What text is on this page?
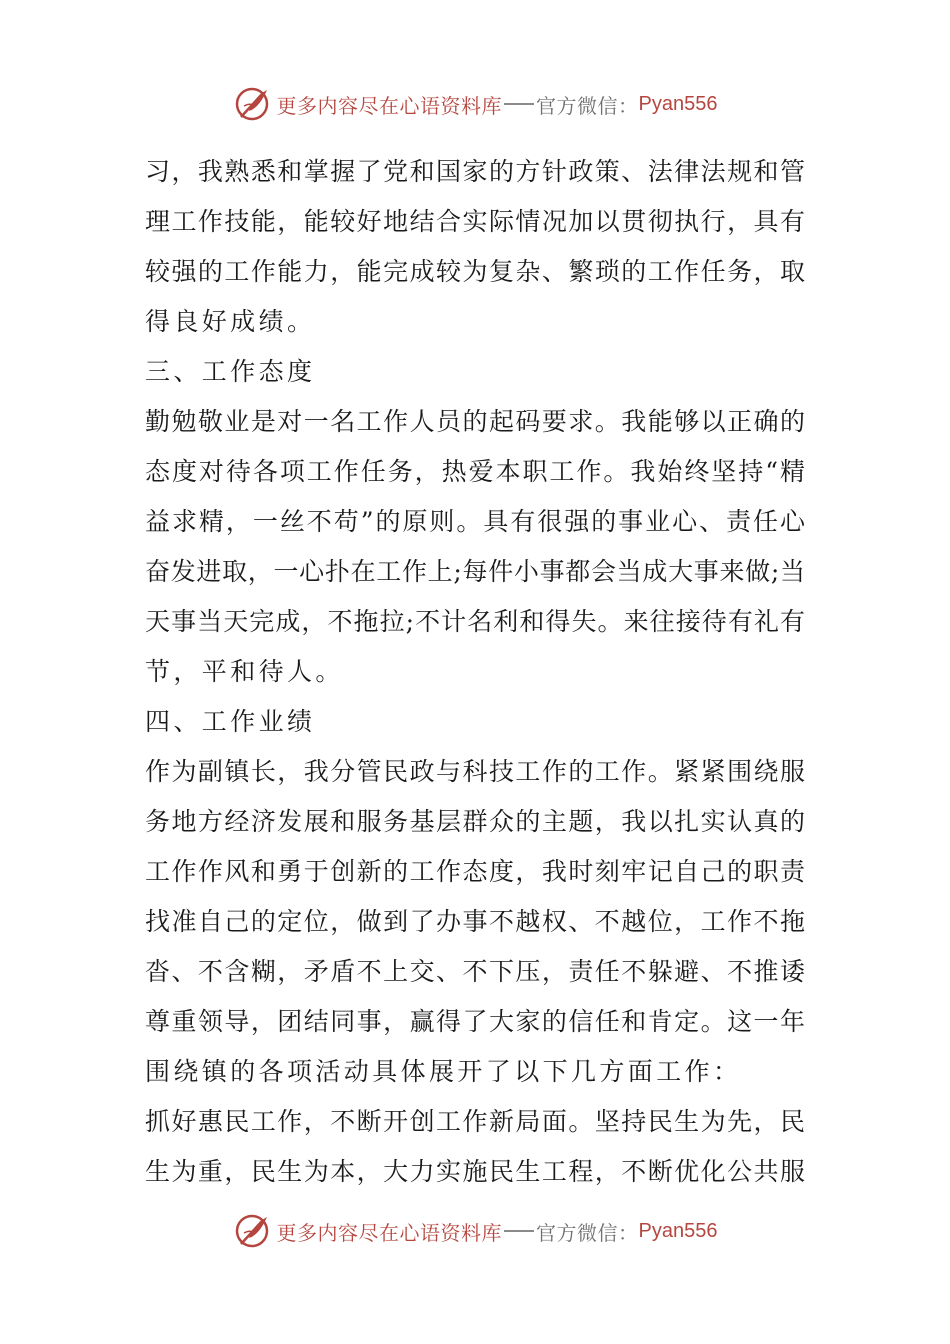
更多内容尽在心语资料库 官方微信： Pyan556
习，我熟悉和掌握了党和国家的方针政策、法律法规和管
理工作技能，能较好地结合实际情况加以贯彻执行，具有
较强的工作能力，能完成较为复杂、繁琐的工作任务，取
得良好成绩。
三、工作态度
勤勉敬业是对一名工作人员的起码要求。我能够以正确的
态度对待各项工作任务，热爱本职工作。我始终坚持“精
益求精，一丝不苟”的原则。具有很强的事业心、责任心
奋发进取，一心扑在工作上;每件小事都会当成大事来做;当
天事当天完成，不拖拉;不计名利和得失。来往接待有礼有
节，平和待人。
四、工作业绩
作为副镇长，我分管民政与科技工作的工作。紧紧围绕服
务地方经济发展和服务基层群众的主题，我以扎实认真的
工作作风和勇于创新的工作态度，我时刻牢记自己的职责
找准自己的定位，做到了办事不越权、不越位，工作不拖
沓、不含糊，矛盾不上交、不下压，责任不躲避、不推诿
尊重领导，团结同事，赢得了大家的信任和肯定。这一年
围绕镇的各项活动具体展开了以下几方面工作：
抓好惠民工作，不断开创工作新局面。坚持民生为先，民
生为重，民生为本，大力实施民生工程，不断优化公共服
更多内容尽在心语资料库 官方微信： Pyan556
